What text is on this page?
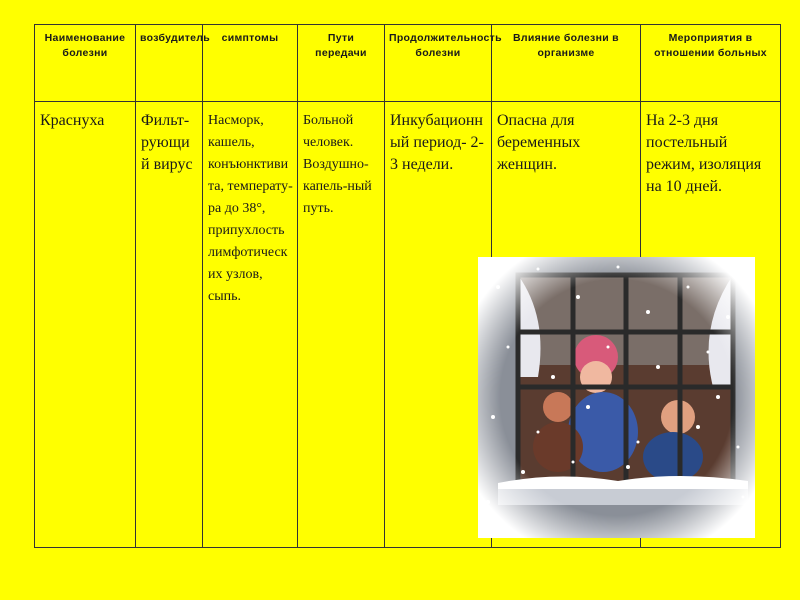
Наименование болезни	возбудитель	симптомы	Пути передачи	Продолжительность болезни	Влияние болезни в организме	Мероприятия в отношении больных
Краснуха	Фильт-рующий вирус	Насморк, кашель, конъюнктивита, температу-ра до 38°, припухлость лимфотических узлов, сыпь.	Больной человек. Воздушно-капель-ный путь.	Инкубационный период- 2-3 недели.	Опасна для беременных женщин.	На 2-3 дня постельный режим, изоляция на 10 дней.
